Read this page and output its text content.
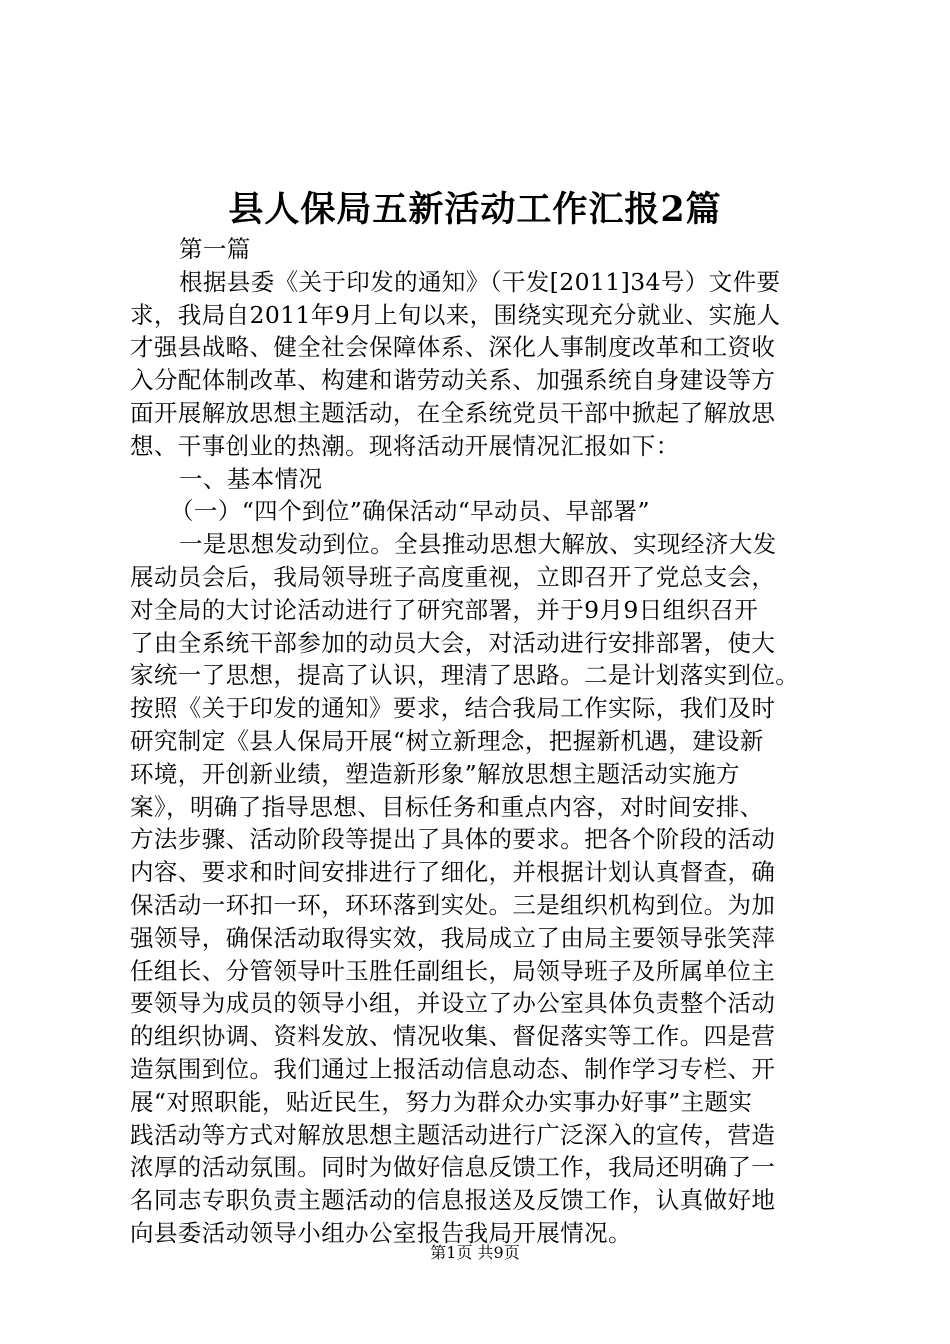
县人保局五新活动工作汇报2篇
第一篇
根据县委《关于印发的通知》（干发[2011]34号）文件要
求，我局自2011年9月上旬以来，围绕实现充分就业、实施人
才强县战略、健全社会保障体系、深化人事制度改革和工资收
入分配体制改革、构建和谐劳动关系、加强系统自身建设等方
面开展解放思想主题活动，在全系统党员干部中掀起了解放思
想、干事创业的热潮。现将活动开展情况汇报如下：
一、基本情况
（一）“四个到位”确保活动“早动员、早部署”
一是思想发动到位。全县推动思想大解放、实现经济大发
展动员会后，我局领导班子高度重视，立即召开了党总支会，
对全局的大讨论活动进行了研究部署，并于9月9日组织召开
了由全系统干部参加的动员大会，对活动进行安排部署，使大
家统一了思想，提高了认识，理清了思路。二是计划落实到位。
按照《关于印发的通知》要求，结合我局工作实际，我们及时
研究制定《县人保局开展“树立新理念，把握新机遇，建设新
环境，开创新业绩，塑造新形象”解放思想主题活动实施方
案》，明确了指导思想、目标任务和重点内容，对时间安排、
方法步骤、活动阶段等提出了具体的要求。把各个阶段的活动
内容、要求和时间安排进行了细化，并根据计划认真督查，确
保活动一环扣一环，环环落到实处。三是组织机构到位。为加
强领导，确保活动取得实效，我局成立了由局主要领导张笑萍
任组长、分管领导叶玉胜任副组长，局领导班子及所属单位主
要领导为成员的领导小组，并设立了办公室具体负责整个活动
的组织协调、资料发放、情况收集、督促落实等工作。四是营
造氛围到位。我们通过上报活动信息动态、制作学习专栏、开
展“对照职能，贴近民生，努力为群众办实事办好事”主题实
践活动等方式对解放思想主题活动进行广泛深入的宣传，营造
浓厚的活动氛围。同时为做好信息反馈工作，我局还明确了一
名同志专职负责主题活动的信息报送及反馈工作，认真做好地
向县委活动领导小组办公室报告我局开展情况。
第1页 共9页
